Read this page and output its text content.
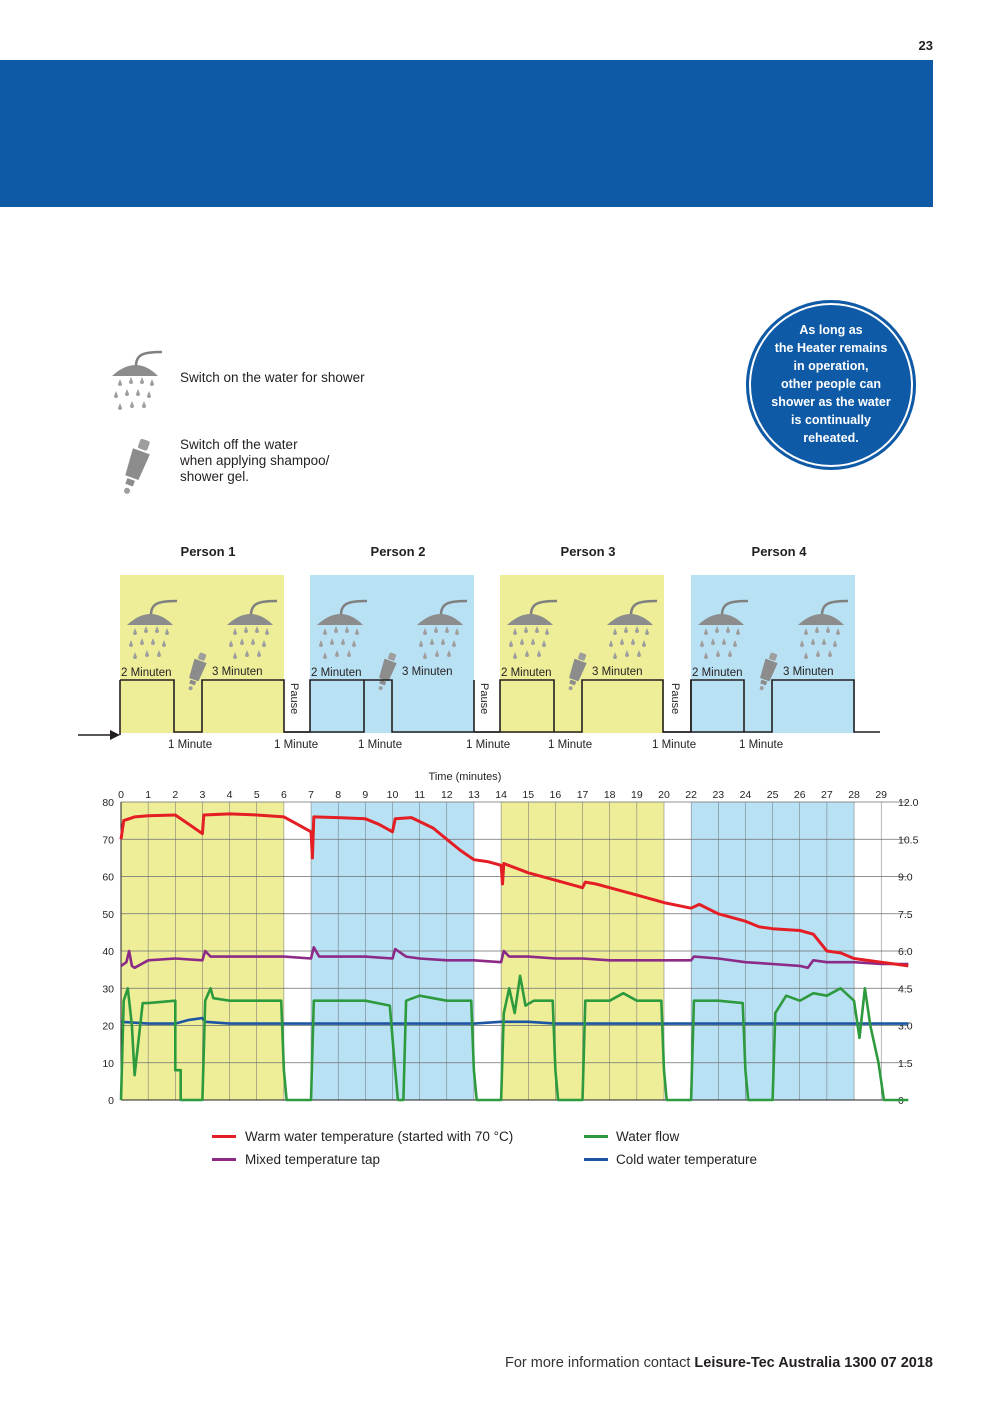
23
As long as
the Heater remains
in operation,
other people can
shower as the water
is continually
reheated.
Switch on the water for shower
Switch off the water
when applying shampoo/
shower gel.
Person 1
2 Minuten	3 Minuten
1 Minute
Person 2
2 Minuten	3 Minuten
1 Minute
Person 3
2 Minuten	3 Minuten
1 Minute
Person 4
2 Minuten	3 Minuten
1 Minute
Pause	Pause	Pause
1 Minute	1 Minute	1 Minute
80	12.0
70	10.5
60	9.0
50	7.5
40	6.0
30	4.5
20	3.0
10	1.5
0	0
0 1 2 3 4 5 6 7 8 9 10 11 12 13 14 15 16 17 18 19 20 22 23 24 25 26 27 28 29
Time (minutes)
Warm water temperature (started with 70 °C)	Water flow
Mixed temperature tap	Cold water temperature
For more information contact Leisure-Tec Australia 1300 07 2018
